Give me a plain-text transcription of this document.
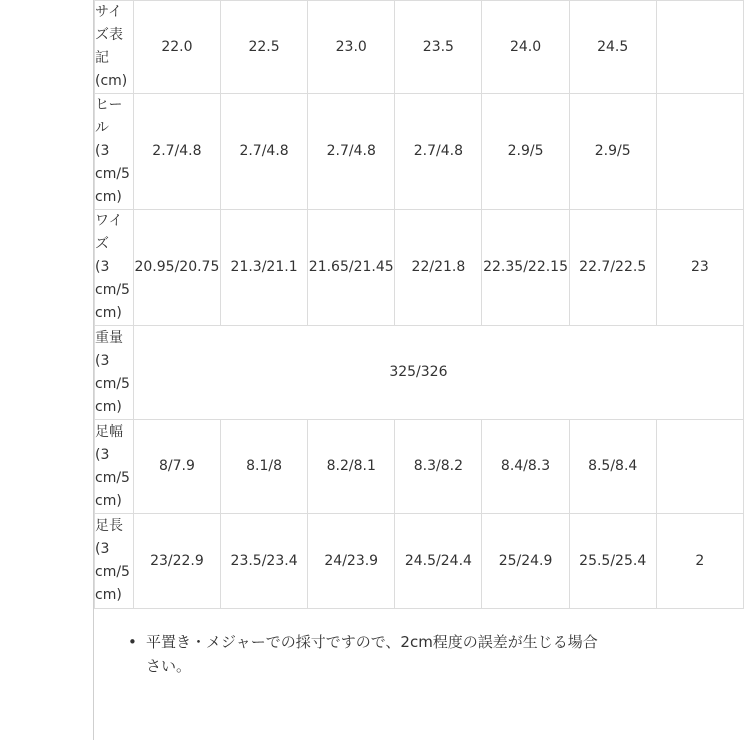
サイズ表
記
(cm)	22.0	22.5	23.0	23.5	24.0	24.5	

ヒー
ル
(3
cm/5
cm)	2.7/4.8	2.7/4.8	2.7/4.8	2.7/4.8	2.9/5	2.9/5	

ワイ
ズ
(3
cm/5
cm)	20.95/20.75	21.3/21.1	21.65/21.45	22/21.8	22.35/22.15	22.7/22.5	23

重量
(3
cm/5
cm)	325/326						

足幅
(3
cm/5
cm)	8/7.9	8.1/8	8.2/8.1	8.3/8.2	8.4/8.3	8.5/8.4	

足長
(3
cm/5
cm)	23/22.9	23.5/23.4	24/23.9	24.5/24.4	25/24.9	25.5/25.4	2
• 平置き・メジャーでの採寸ですので、2cm程度の誤差が生じる場合
さい。
